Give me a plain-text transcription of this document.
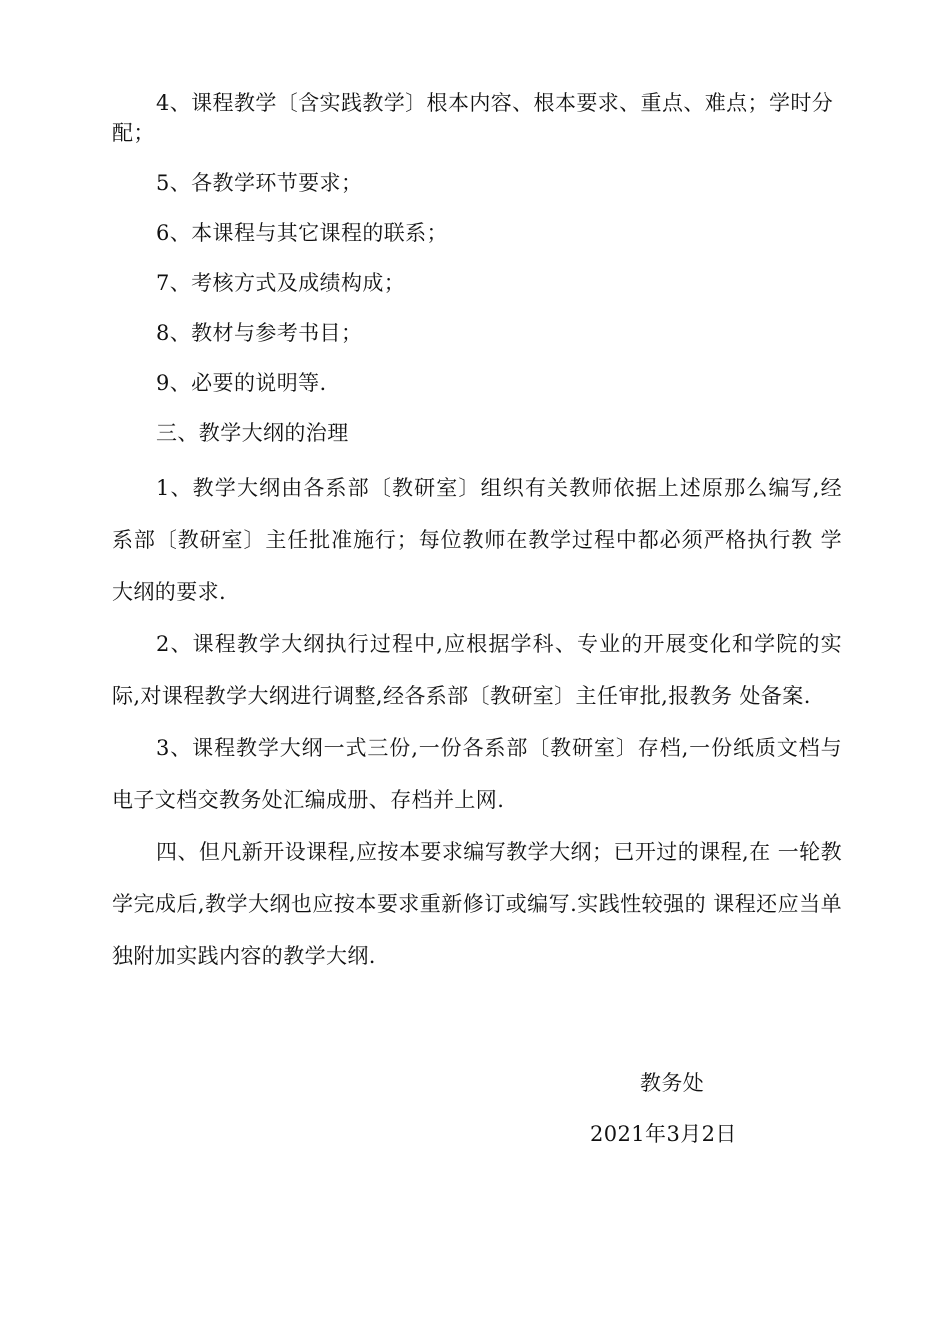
4、课程教学〔含实践教学〕根本内容、根本要求、重点、难点；学时分配；

5、各教学环节要求；

6、本课程与其它课程的联系；

7、考核方式及成绩构成；

8、教材与参考书目；

9、必要的说明等.

三、教学大纲的治理

1、教学大纲由各系部〔教研室〕组织有关教师依据上述原那么编写,经 系部〔教研室〕主任批准施行；每位教师在教学过程中都必须严格执行教 学大纲的要求.

2、课程教学大纲执行过程中,应根据学科、专业的开展变化和学院的实际,对课程教学大纲进行调整,经各系部〔教研室〕主任审批,报教务 处备案.

3、课程教学大纲一式三份,一份各系部〔教研室〕存档,一份纸质文档与电子文档交教务处汇编成册、存档并上网.

四、但凡新开设课程,应按本要求编写教学大纲；已开过的课程,在 一轮教学完成后,教学大纲也应按本要求重新修订或编写.实践性较强的 课程还应当单独附加实践内容的教学大纲.

教务处
2021年3月2日
